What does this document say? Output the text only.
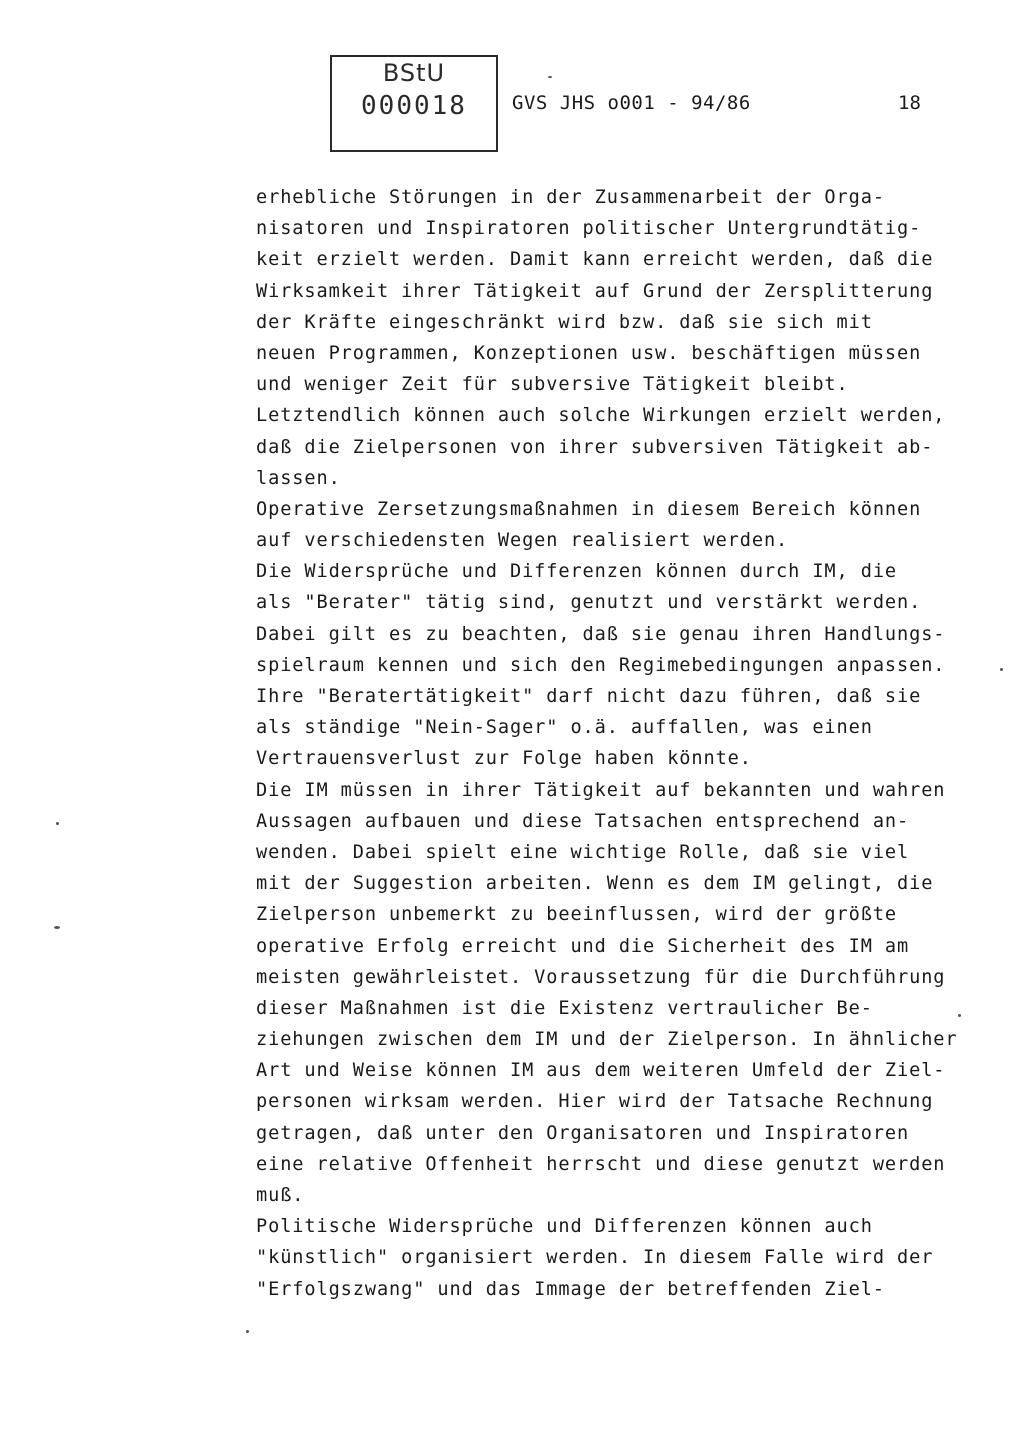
BStU
000018	GVS JHS o001 - 94/86	18
erhebliche Störungen in der Zusammenarbeit der Orga-
nisatoren und Inspiratoren politischer Untergrundtätig-
keit erzielt werden. Damit kann erreicht werden, daß die
Wirksamkeit ihrer Tätigkeit auf Grund der Zersplitterung
der Kräfte eingeschränkt wird bzw. daß sie sich mit
neuen Programmen, Konzeptionen usw. beschäftigen müssen
und weniger Zeit für subversive Tätigkeit bleibt.
Letztendlich können auch solche Wirkungen erzielt werden,
daß die Zielpersonen von ihrer subversiven Tätigkeit ab-
lassen.
Operative Zersetzungsmaßnahmen in diesem Bereich können
auf verschiedensten Wegen realisiert werden.
Die Widersprüche und Differenzen können durch IM, die
als "Berater" tätig sind, genutzt und verstärkt werden.
Dabei gilt es zu beachten, daß sie genau ihren Handlungs-
spielraum kennen und sich den Regimebedingungen anpassen.
Ihre "Beratertätigkeit" darf nicht dazu führen, daß sie
als ständige "Nein-Sager" o.ä. auffallen, was einen
Vertrauensverlust zur Folge haben könnte.
Die IM müssen in ihrer Tätigkeit auf bekannten und wahren
Aussagen aufbauen und diese Tatsachen entsprechend an-
wenden. Dabei spielt eine wichtige Rolle, daß sie viel
mit der Suggestion arbeiten. Wenn es dem IM gelingt, die
Zielperson unbemerkt zu beeinflussen, wird der größte
operative Erfolg erreicht und die Sicherheit des IM am
meisten gewährleistet. Voraussetzung für die Durchführung
dieser Maßnahmen ist die Existenz vertraulicher Be-
ziehungen zwischen dem IM und der Zielperson. In ähnlicher
Art und Weise können IM aus dem weiteren Umfeld der Ziel-
personen wirksam werden. Hier wird der Tatsache Rechnung
getragen, daß unter den Organisatoren und Inspiratoren
eine relative Offenheit herrscht und diese genutzt werden
muß.
Politische Widersprüche und Differenzen können auch
"künstlich" organisiert werden. In diesem Falle wird der
"Erfolgszwang" und das Immage der betreffenden Ziel-
